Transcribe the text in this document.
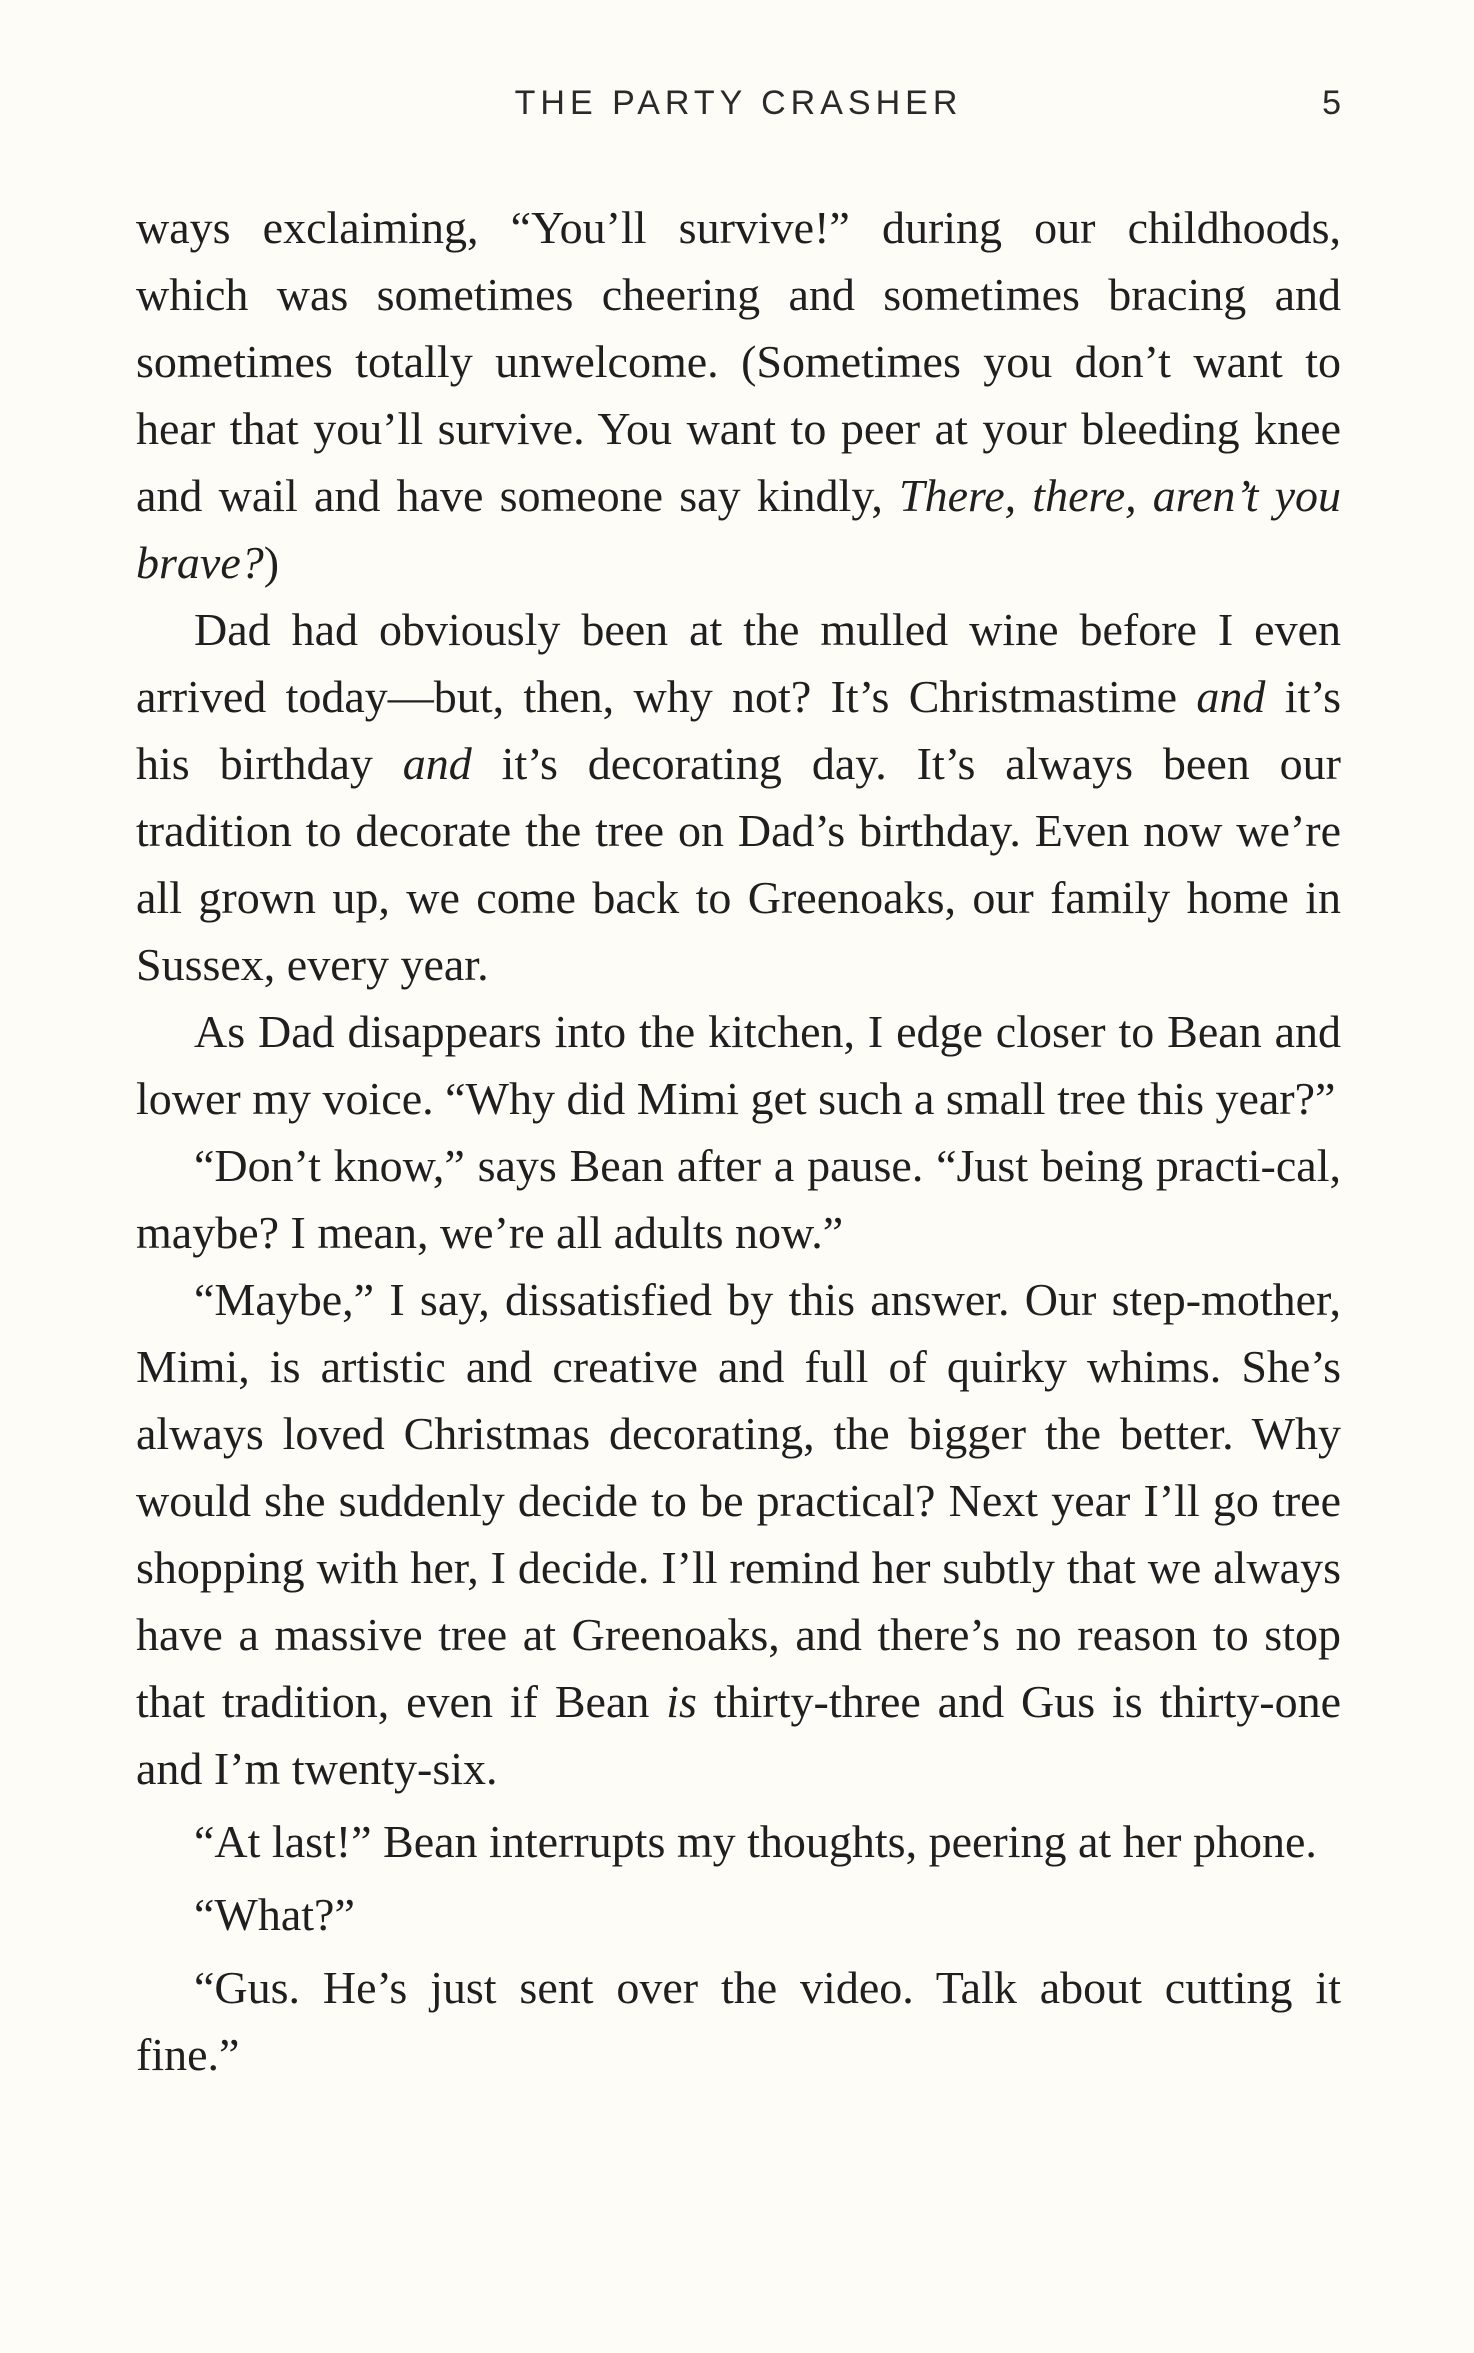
THE PARTY CRASHER	5

ways exclaiming, “You’ll survive!” during our childhoods, which was sometimes cheering and sometimes bracing and sometimes totally unwelcome. (Sometimes you don’t want to hear that you’ll survive. You want to peer at your bleeding knee and wail and have someone say kindly, There, there, aren’t you brave?)

Dad had obviously been at the mulled wine before I even arrived today—but, then, why not? It’s Christmastime and it’s his birthday and it’s decorating day. It’s always been our tradition to decorate the tree on Dad’s birthday. Even now we’re all grown up, we come back to Greenoaks, our family home in Sussex, every year.

As Dad disappears into the kitchen, I edge closer to Bean and lower my voice. “Why did Mimi get such a small tree this year?”

“Don’t know,” says Bean after a pause. “Just being practi-cal, maybe? I mean, we’re all adults now.”

“Maybe,” I say, dissatisfied by this answer. Our step-mother, Mimi, is artistic and creative and full of quirky whims. She’s always loved Christmas decorating, the bigger the better. Why would she suddenly decide to be practical? Next year I’ll go tree shopping with her, I decide. I’ll remind her subtly that we always have a massive tree at Greenoaks, and there’s no reason to stop that tradition, even if Bean is thirty-three and Gus is thirty-one and I’m twenty-six.

“At last!” Bean interrupts my thoughts, peering at her phone.

“What?”

“Gus. He’s just sent over the video. Talk about cutting it fine.”
